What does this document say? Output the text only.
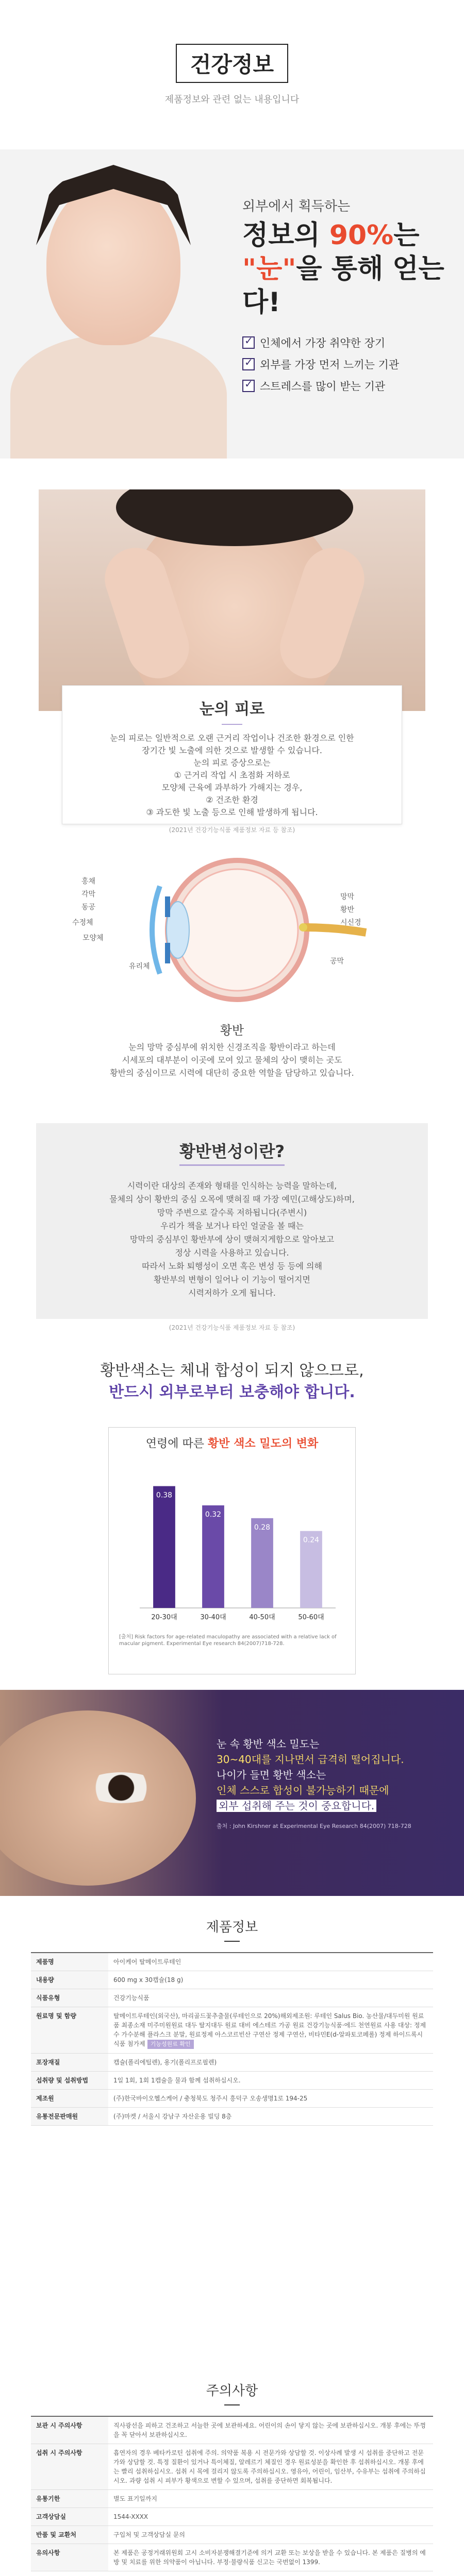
건강정보
제품정보와 관련 없는 내용입니다
외부에서 획득하는
정보의 90%는
"눈"을 통해 얻는다!
✓
인체에서 가장 취약한 장기
✓
외부를 가장 먼저 느끼는 기관
✓
스트레스를 많이 받는 기관
눈의 피로
눈의 피로는 일반적으로 오랜 근거리 작업이나 건조한 환경으로 인한
장기간 빛 노출에 의한 것으로 발생할 수 있습니다.
눈의 피로 증상으로는
① 근거리 작업 시 초점화 저하로
모양체 근육에 과부하가 가해지는 경우,
② 건조한 환경
③ 과도한 빛 노출 등으로 인해 발생하게 됩니다.
(2021년 건강기능식품 제품정보 자료 등 참조)
홍채
각막
동공
수정체
모양체
망막
황반
시신경
유리체
공막
황반
눈의 망막 중심부에 위치한 신경조직을 황반이라고 하는데
시세포의 대부분이 이곳에 모여 있고 물체의 상이 맺히는 곳도
황반의 중심이므로 시력에 대단히 중요한 역할을 담당하고 있습니다.
황반변성이란?
시력이란 대상의 존재와 형태를 인식하는 능력을 말하는데,
물체의 상이 황반의 중심 오목에 맺혀질 때 가장 예민(고해상도)하며,
망막 주변으로 갈수록 저하됩니다(주변시)
우리가 책을 보거나 타인 얼굴을 볼 때는
망막의 중심부인 황반부에 상이 맺혀지게함으로 알아보고
정상 시력을 사용하고 있습니다.
따라서 노화 퇴행성이 오면 혹은 변성 등 등에 의해
황반부의 변형이 일어나 이 기능이 떨어지면
시력저하가 오게 됩니다.
(2021년 건강기능식품 제품정보 자료 등 참조)
황반색소는 체내 합성이 되지 않으므로,
반드시 외부로부터 보충해야 합니다.
연령에 따른 황반 색소 밀도의 변화
0.38
20-30대
0.32
30-40대
0.28
40-50대
0.24
50-60대
[출처] Risk factors for age-related maculopathy are associated with a relative lack of macular pigment. Experimental Eye research 84(2007)718-728.
눈 속 황반 색소 밀도는
30~40대를 지나면서 급격히 떨어집니다.
나이가 들면 황반 색소는
인체 스스로 합성이 불가능하기 때문에
외부 섭취해 주는 것이 중요합니다.
출처 : John Kirshner at Experimental Eye Research 84(2007) 718-728
제품정보
제품명	아이케어 탈메이트루테인
내용량	600 mg x 30캡슐(18 g)
식품유형	건강기능식품
원료명 및 함량	탈메이트루테인(외국산), 마리골드꽃추출물(루테인으로 20%)해외제조원: 루테인 Salus Bio. 농산물/대두미원 원료품 최종소재 미주미원원료 대두 탈지대두 원료 대비 에스테르 가공 원료 건강기능식품·에드 천연원료 사용 대상: 정제수 가수분해 플라스크 분말, 원료정제 아스코르빈산 구연산 정제 구연산, 비타민E(d-알파토코페롤) 정제 하이드록시 식품 첨가제 기능성원료 확인
포장재질	캡슐(폴리에틸렌), 용기(폴리프로필렌)
섭취량 및 섭취방법	1일 1회, 1회 1캡슐을 물과 함께 섭취하십시오.
제조원	(주)한국바이오헬스케어 / 충청북도 청주시 흥덕구 오송생명1로 194-25
유통전문판매원	(주)마켓 / 서울시 강남구 자산운용 빌딩 8층
주의사항
보관 시 주의사항	직사광선을 피하고 건조하고 서늘한 곳에 보관하세요. 어린이의 손이 닿지 않는 곳에 보관하십시오. 개봉 후에는 뚜껑을 꼭 닫아서 보관하십시오.
섭취 시 주의사항	흡연자의 경우 베타카로틴 섭취에 주의. 의약품 복용 시 전문가와 상담할 것. 이상사례 발생 시 섭취를 중단하고 전문가와 상담할 것. 특정 질환이 있거나 특이체질, 알레르기 체질인 경우 원료성분을 확인한 후 섭취하십시오. 개봉 후에는 빨리 섭취하십시오. 섭취 시 목에 걸리지 않도록 주의하십시오. 영유아, 어린이, 임산부, 수유부는 섭취에 주의하십시오. 과량 섭취 시 피부가 황색으로 변할 수 있으며, 섭취를 중단하면 회복됩니다.
유통기한	별도 표기일까지
고객상담실	1544-XXXX
반품 및 교환처	구입처 및 고객상담실 문의
유의사항	본 제품은 공정거래위원회 고시 소비자분쟁해결기준에 의거 교환 또는 보상을 받을 수 있습니다. 본 제품은 질병의 예방 및 치료를 위한 의약품이 아닙니다. 부정·불량식품 신고는 국번없이 1399.
